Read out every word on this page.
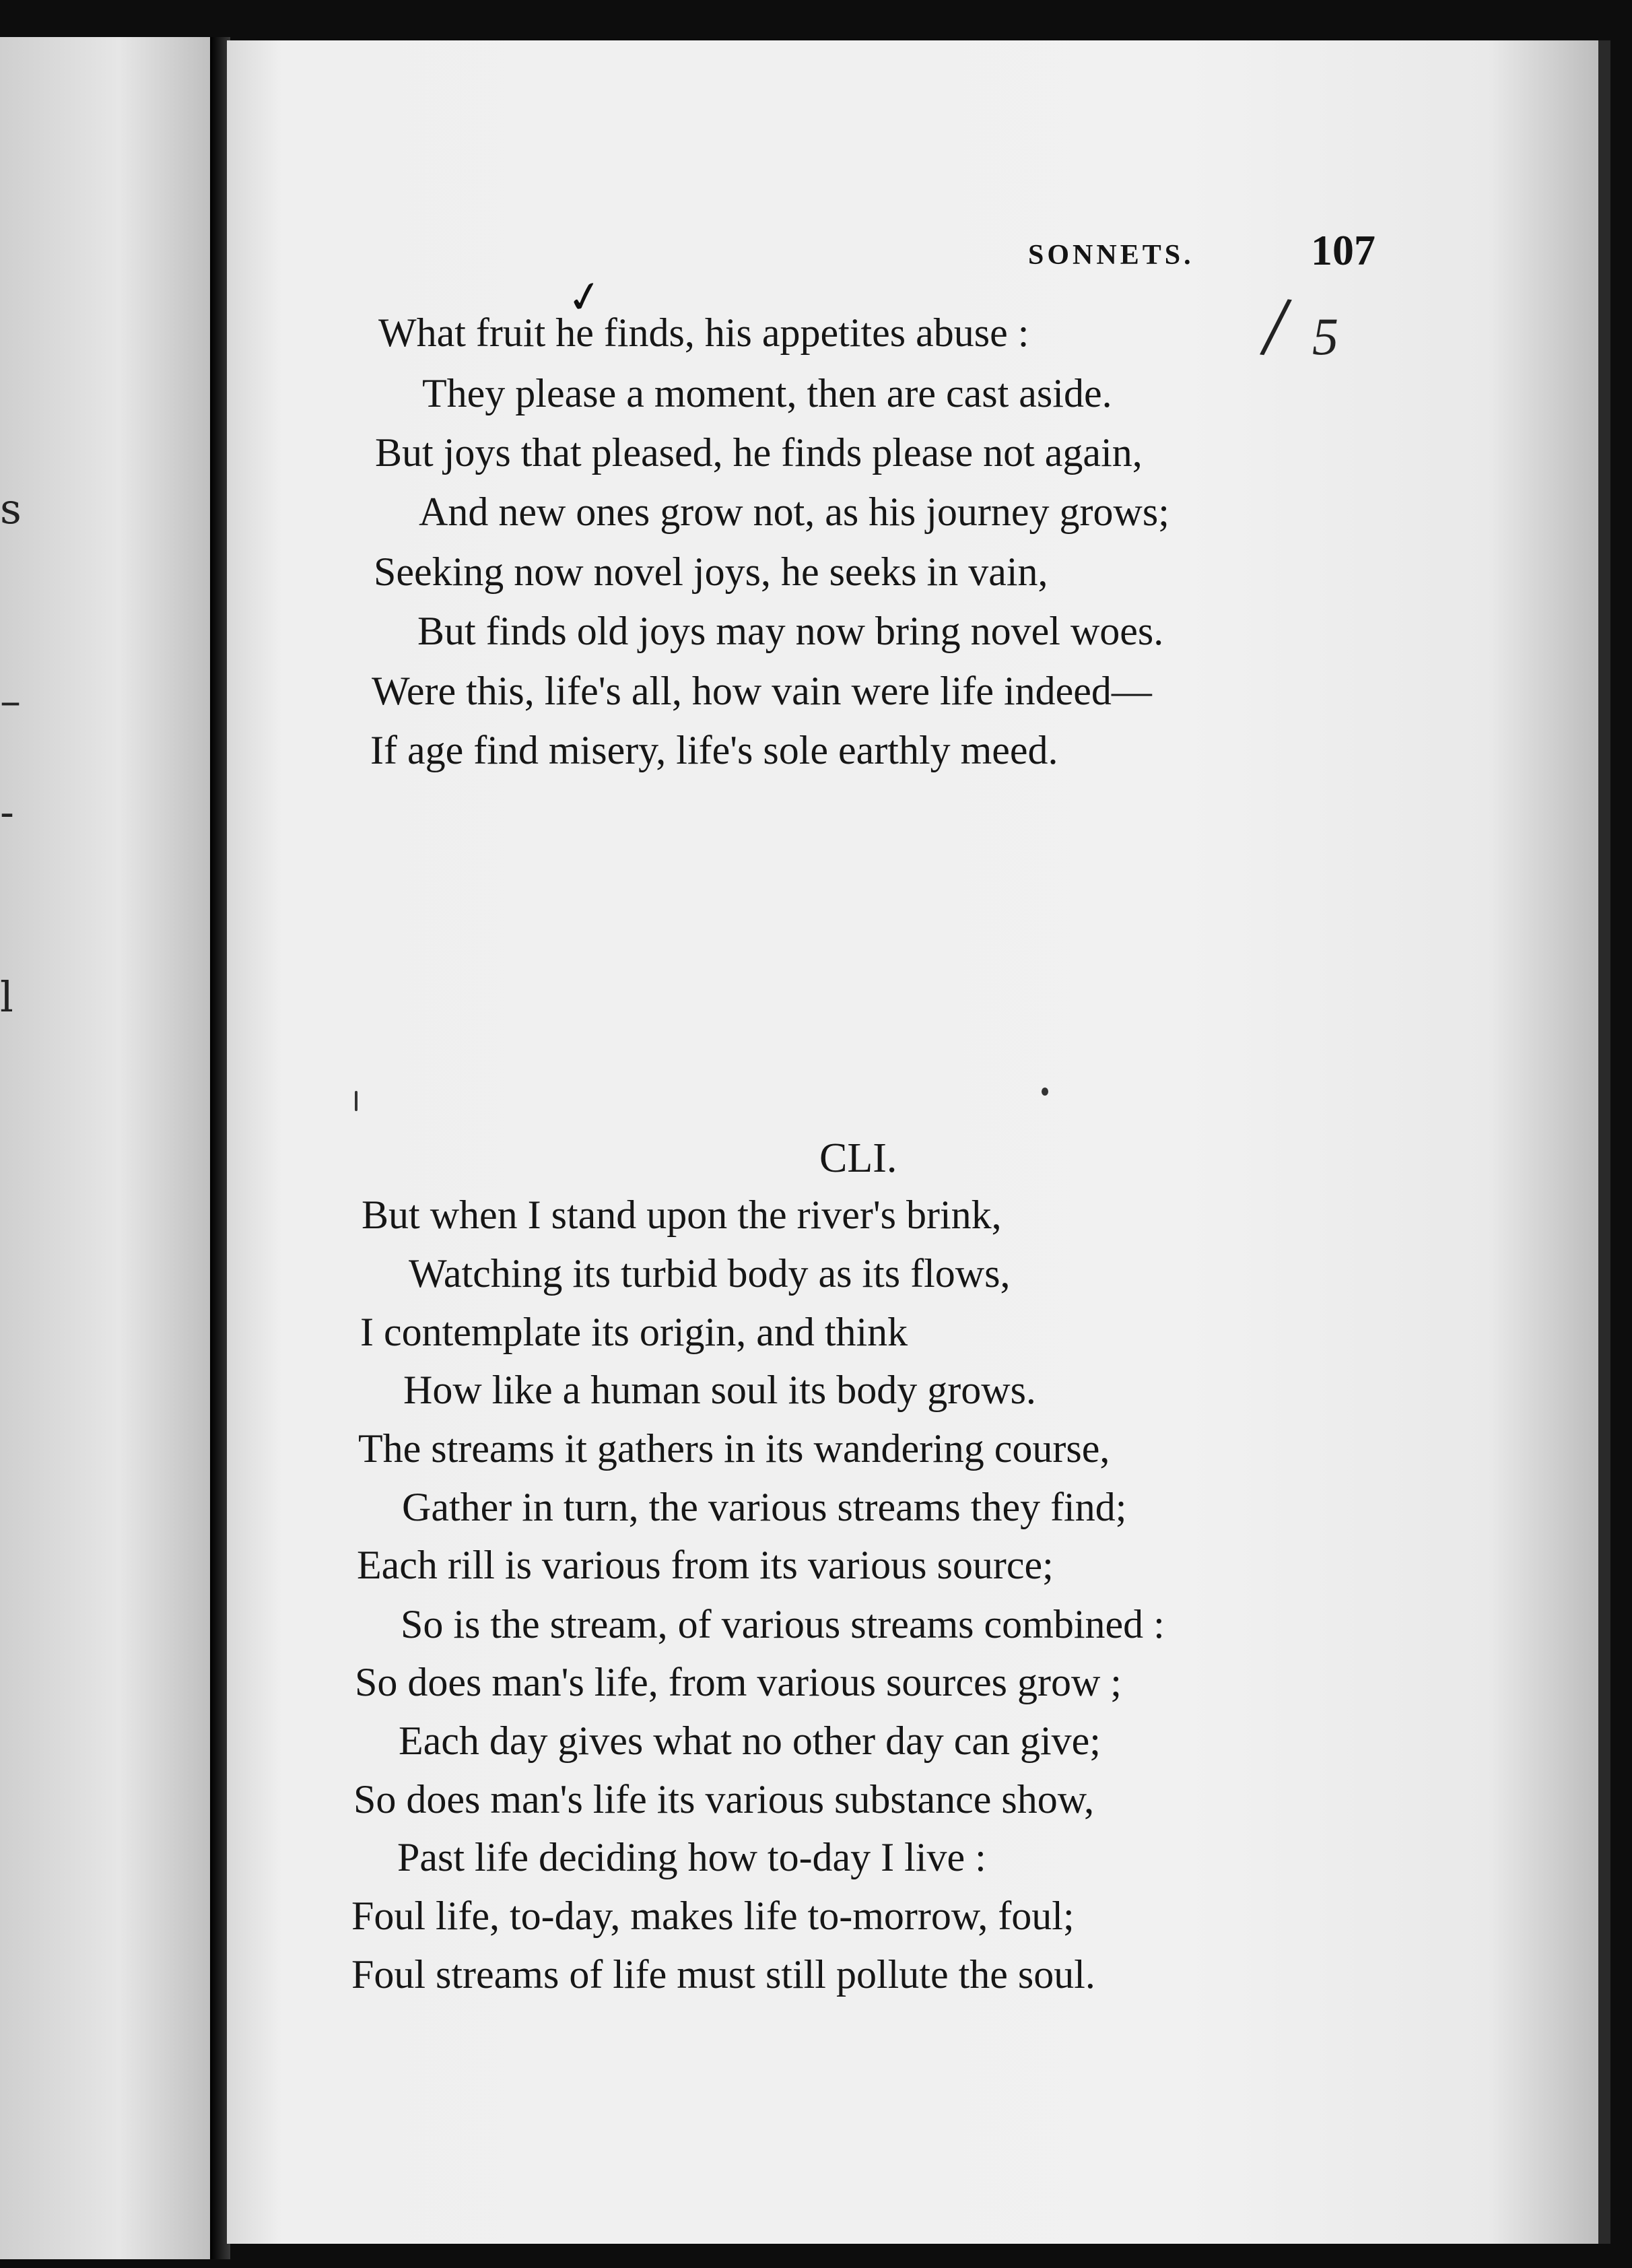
s
–
-
l
SONNETS.	107
✓	/ 5
What fruit he finds, his appetites abuse :
They please a moment, then are cast aside.
But joys that pleased, he finds please not again,
And new ones grow not, as his journey grows;
Seeking now novel joys, he seeks in vain,
But finds old joys may now bring novel woes.
Were this, life's all, how vain were life indeed—
If age find misery, life's sole earthly meed.
CLI.
But when I stand upon the river's brink,
Watching its turbid body as its flows,
I contemplate its origin, and think
How like a human soul its body grows.
The streams it gathers in its wandering course,
Gather in turn, the various streams they find;
Each rill is various from its various source;
So is the stream, of various streams combined :
So does man's life, from various sources grow ;
Each day gives what no other day can give;
So does man's life its various substance show,
Past life deciding how to-day I live :
Foul life, to-day, makes life to-morrow, foul;
Foul streams of life must still pollute the soul.
